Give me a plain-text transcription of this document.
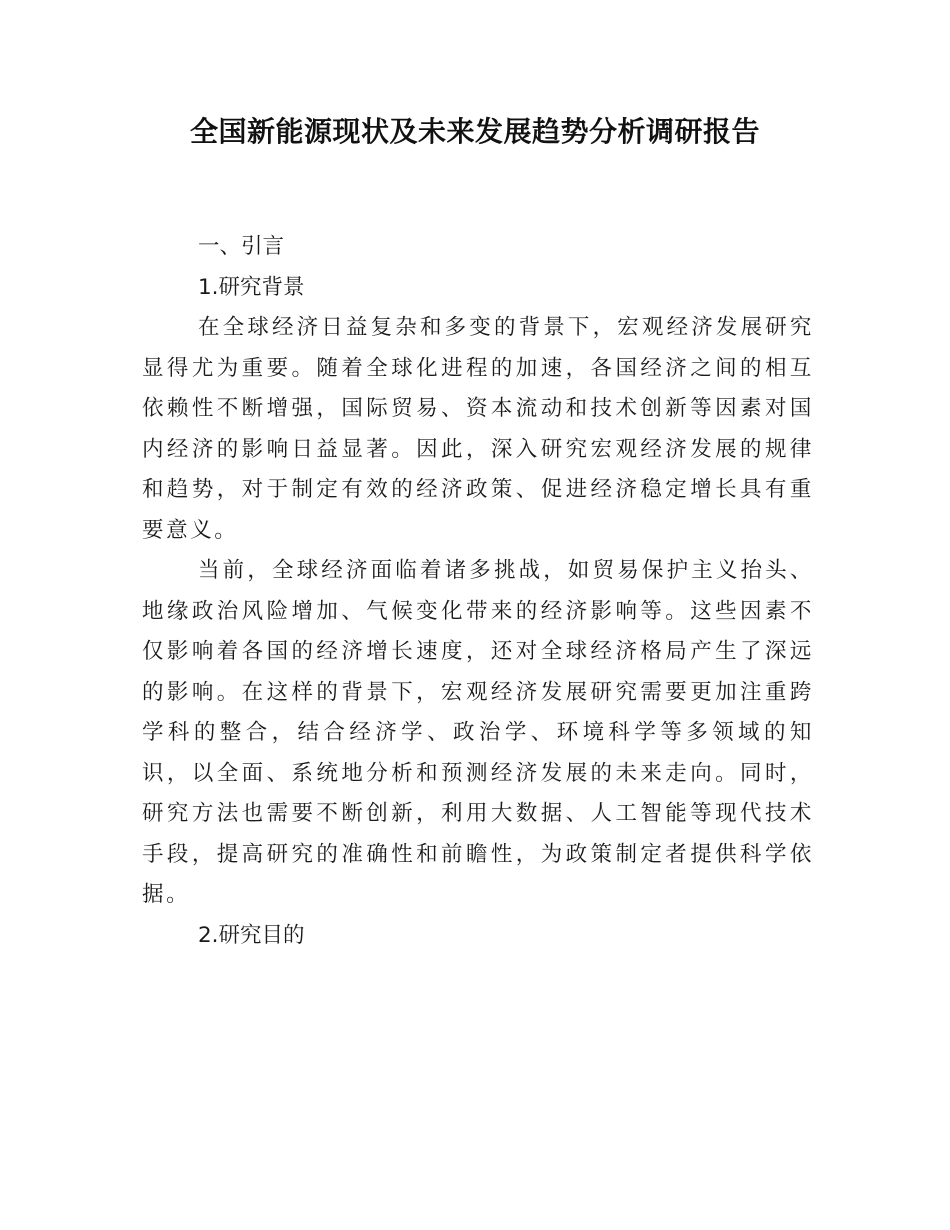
全国新能源现状及未来发展趋势分析调研报告

一、引言

1.研究背景

在全球经济日益复杂和多变的背景下，宏观经济发展研究显得尤为重要。随着全球化进程的加速，各国经济之间的相互依赖性不断增强，国际贸易、资本流动和技术创新等因素对国内经济的影响日益显著。因此，深入研究宏观经济发展的规律和趋势，对于制定有效的经济政策、促进经济稳定增长具有重要意义。

当前，全球经济面临着诸多挑战，如贸易保护主义抬头、地缘政治风险增加、气候变化带来的经济影响等。这些因素不仅影响着各国的经济增长速度，还对全球经济格局产生了深远的影响。在这样的背景下，宏观经济发展研究需要更加注重跨学科的整合，结合经济学、政治学、环境科学等多领域的知识，以全面、系统地分析和预测经济发展的未来走向。同时，研究方法也需要不断创新，利用大数据、人工智能等现代技术手段，提高研究的准确性和前瞻性，为政策制定者提供科学依据。

2.研究目的
